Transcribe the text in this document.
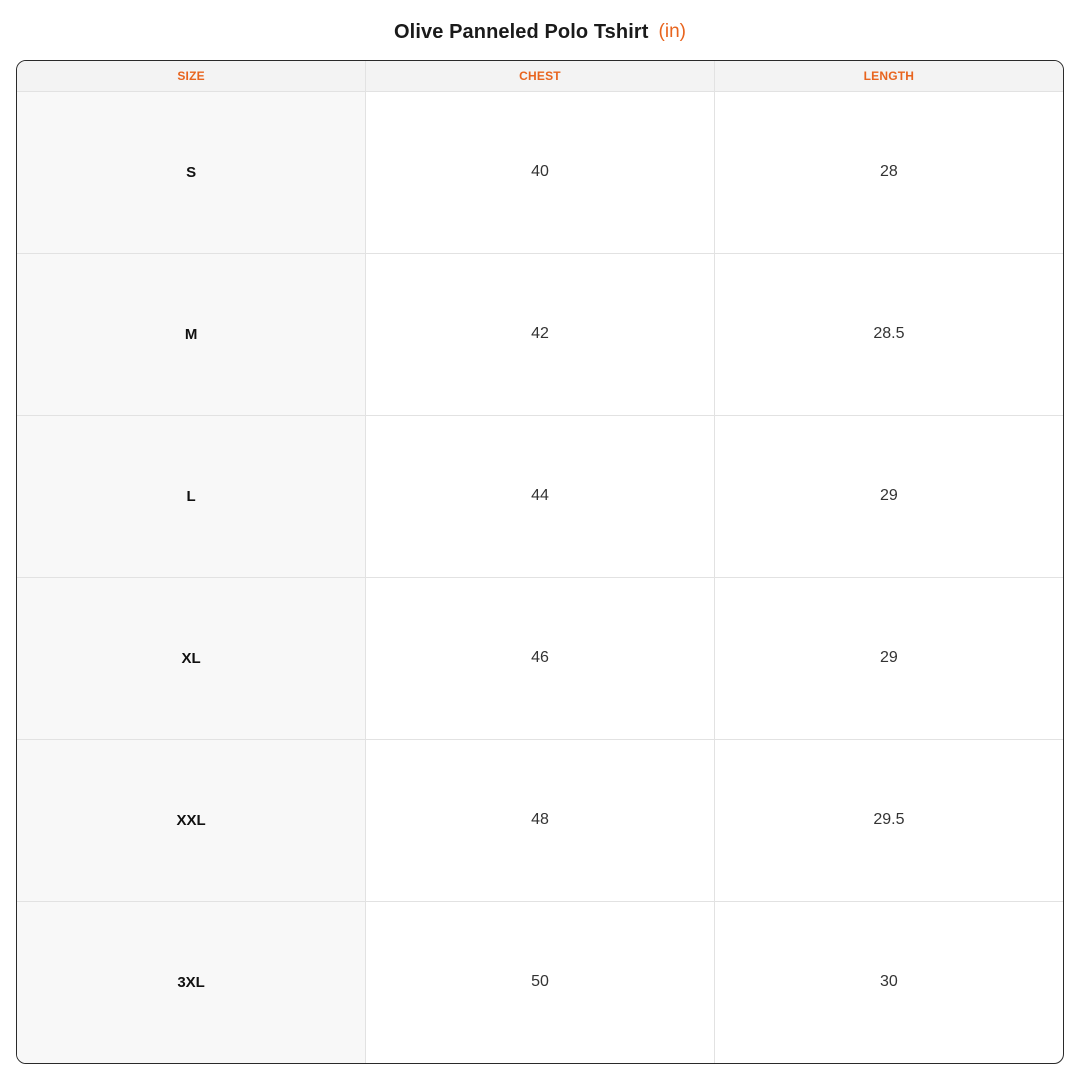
Olive Panneled Polo Tshirt (in)
SIZE	CHEST	LENGTH
S	40	28
M	42	28.5
L	44	29
XL	46	29
XXL	48	29.5
3XL	50	30
